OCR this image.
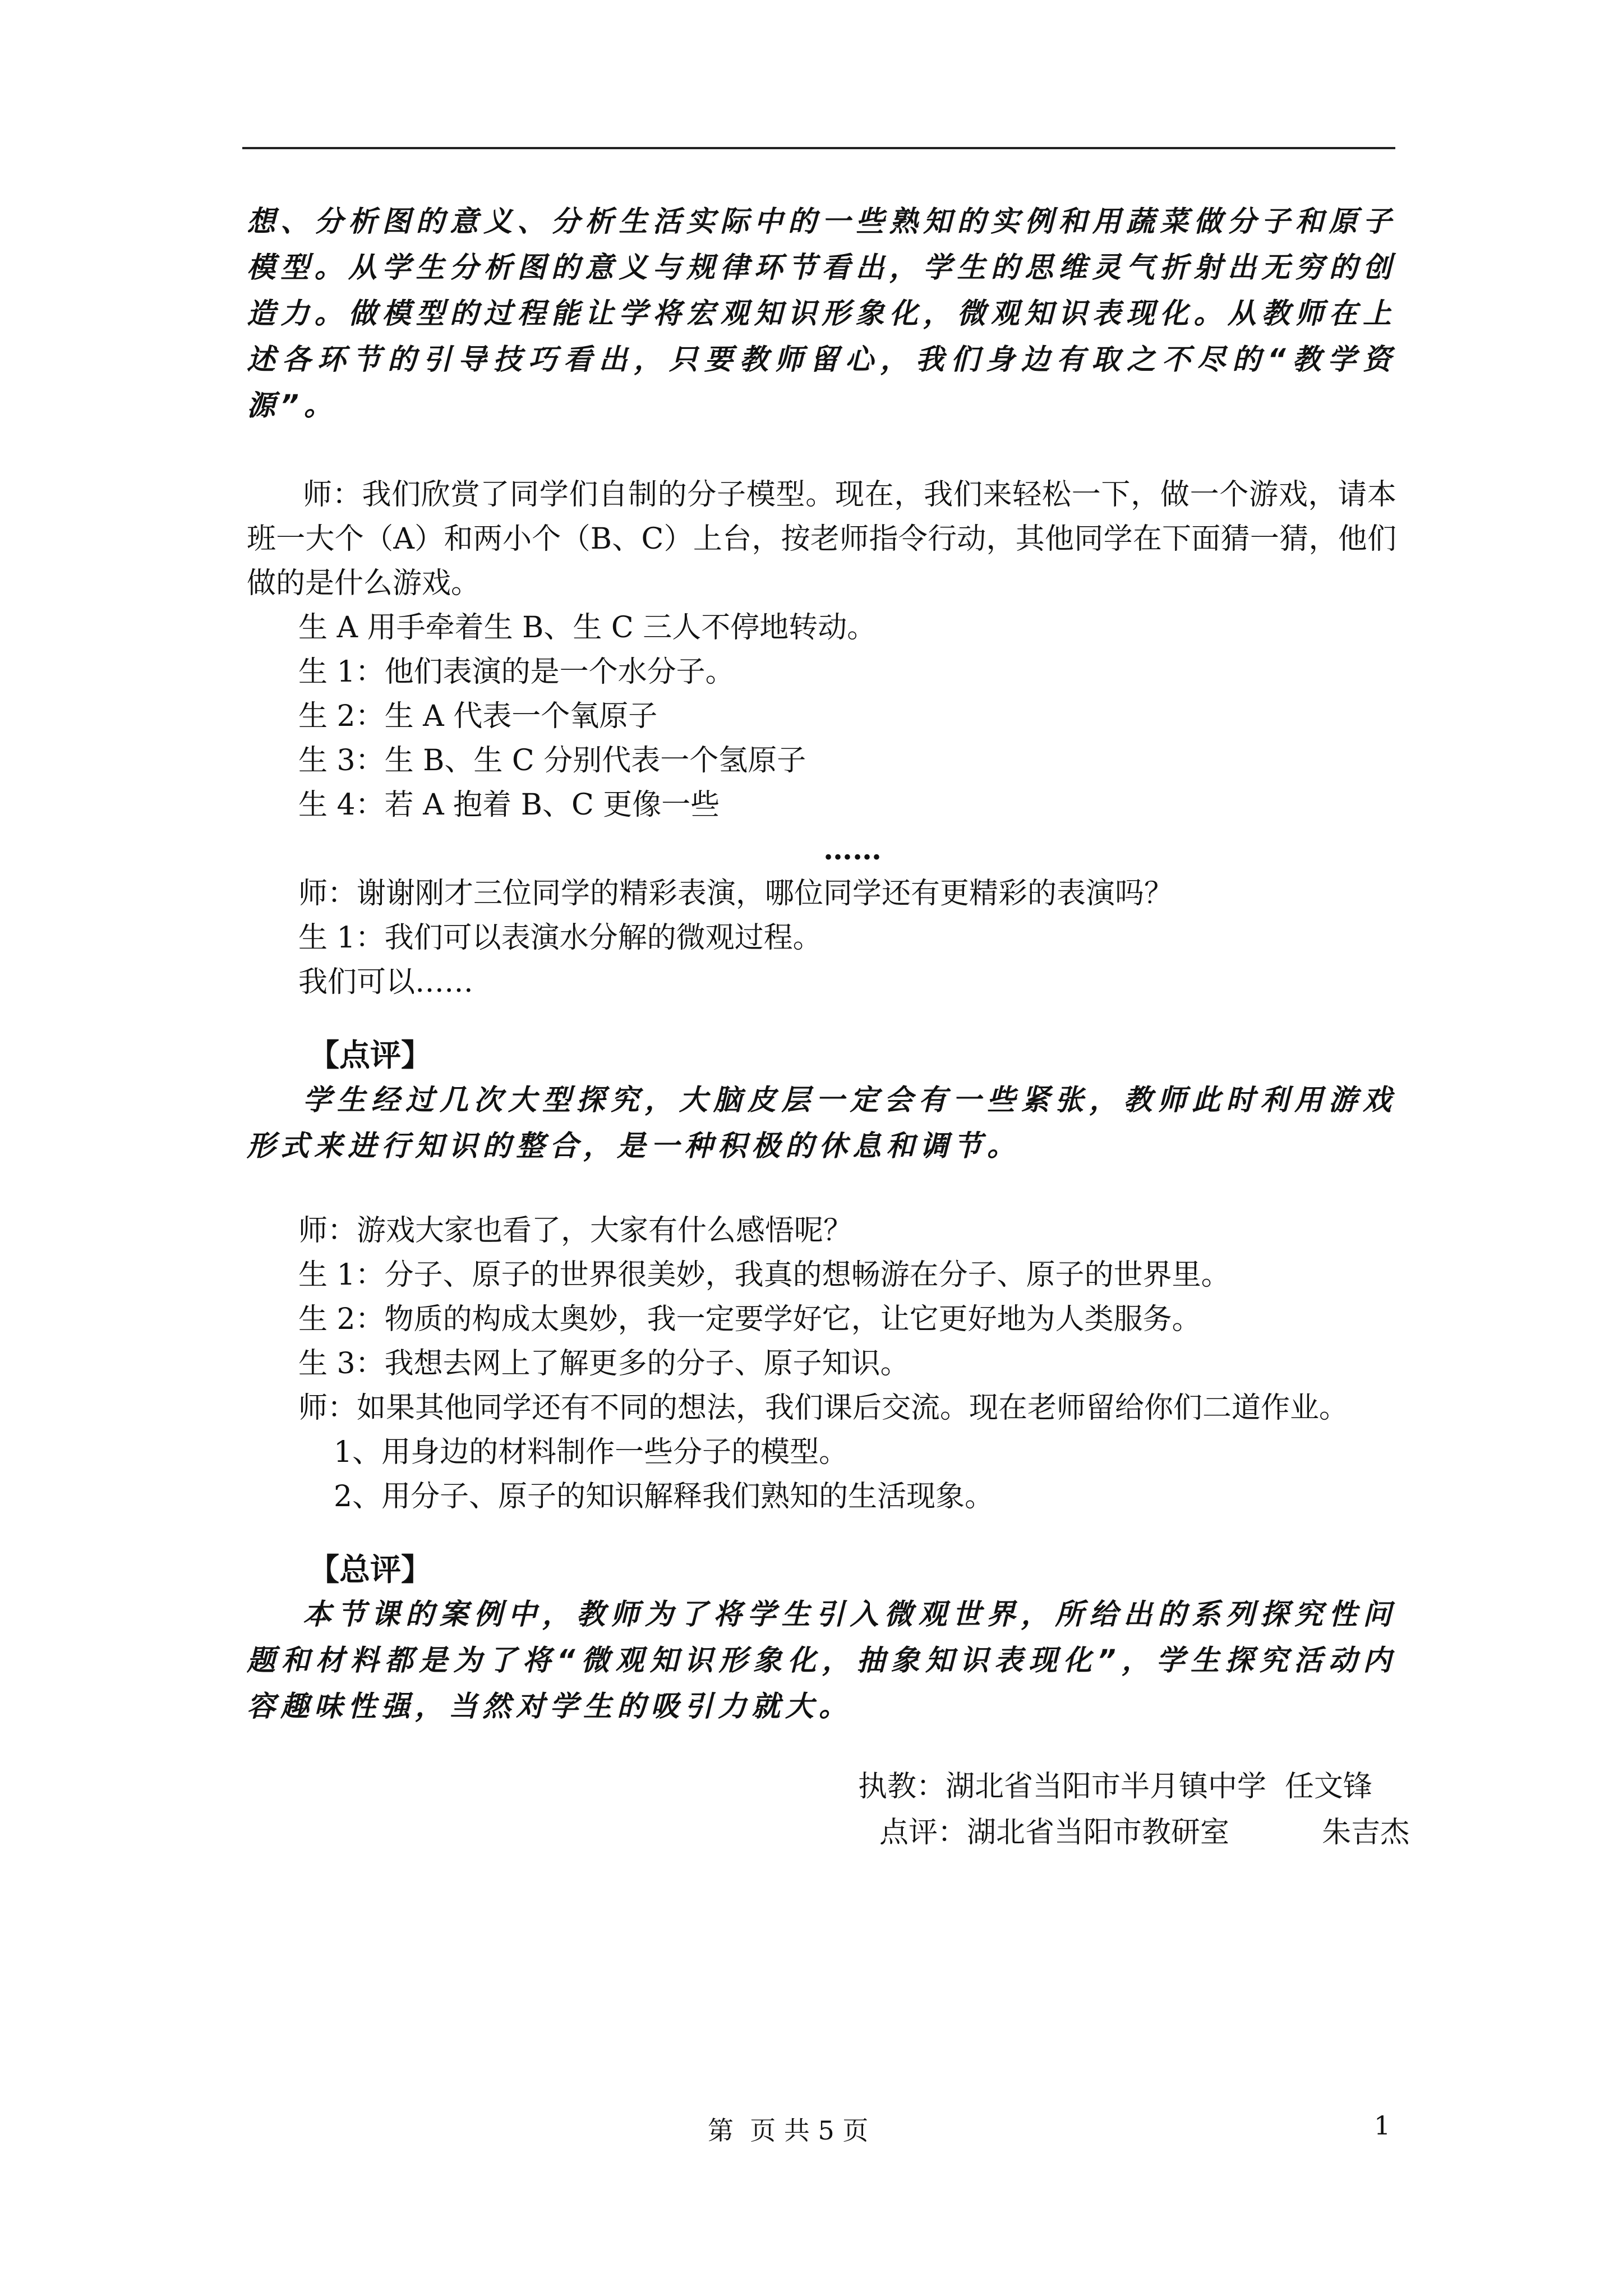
想、分析图的意义、分析生活实际中的一些熟知的实例和用蔬菜做分子和原子模型。从学生分析图的意义与规律环节看出，学生的思维灵气折射出无穷的创造力。做模型的过程能让学将宏观知识形象化，微观知识表现化。从教师在上述各环节的引导技巧看出，只要教师留心，我们身边有取之不尽的“教学资源”。

师：我们欣赏了同学们自制的分子模型。现在，我们来轻松一下，做一个游戏，请本班一大个（A）和两小个（B、C）上台，按老师指令行动，其他同学在下面猜一猜，他们做的是什么游戏。

生 A 用手牵着生 B、生 C 三人不停地转动。

生 1：他们表演的是一个水分子。

生 2：生 A 代表一个氧原子

生 3：生 B、生 C 分别代表一个氢原子

生 4：若 A 抱着 B、C 更像一些

……

师：谢谢刚才三位同学的精彩表演，哪位同学还有更精彩的表演吗？

生 1：我们可以表演水分解的微观过程。

我们可以……

【点评】

学生经过几次大型探究，大脑皮层一定会有一些紧张，教师此时利用游戏形式来进行知识的整合，是一种积极的休息和调节。

师：游戏大家也看了，大家有什么感悟呢？

生 1：分子、原子的世界很美妙，我真的想畅游在分子、原子的世界里。

生 2：物质的构成太奥妙，我一定要学好它，让它更好地为人类服务。

生 3：我想去网上了解更多的分子、原子知识。

师：如果其他同学还有不同的想法，我们课后交流。现在老师留给你们二道作业。

1、用身边的材料制作一些分子的模型。

2、用分子、原子的知识解释我们熟知的生活现象。

【总评】

本节课的案例中，教师为了将学生引入微观世界，所给出的系列探究性问题和材料都是为了将“微观知识形象化，抽象知识表现化”，学生探究活动内容趣味性强，当然对学生的吸引力就大。

执教：湖北省当阳市半月镇中学  任文锋

点评：湖北省当阳市教研室          朱吉杰

第  页 共 5 页	1
